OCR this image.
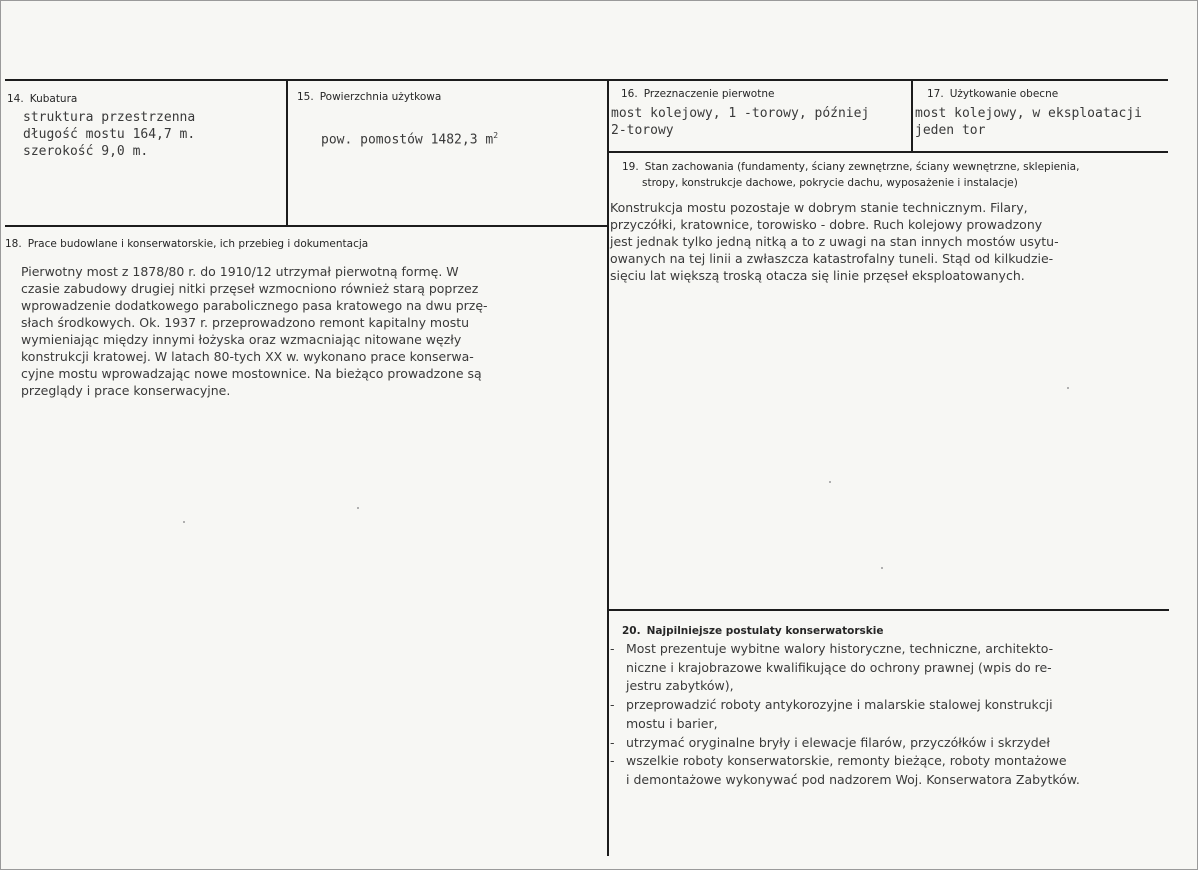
14. Kubatura
struktura przestrzenna
długość mostu 164,7 m.
szerokość 9,0 m.
15. Powierzchnia użytkowa
pow. pomostów 1482,3 $m^2$
16. Przeznaczenie pierwotne
most kolejowy, 1 -torowy, później
2-torowy
17. Użytkowanie obecne
most kolejowy, w eksploatacji
jeden tor
18. Prace budowlane i konserwatorskie, ich przebieg i dokumentacja
Pierwotny most z 1878/80 r. do 1910/12 utrzymał pierwotną formę. W
czasie zabudowy drugiej nitki przęseł wzmocniono również starą poprzez
wprowadzenie dodatkowego parabolicznego pasa kratowego na dwu przę-
słach środkowych. Ok. 1937 r. przeprowadzono remont kapitalny mostu
wymieniając między innymi łożyska oraz wzmacniając nitowane węzły
konstrukcji kratowej. W latach 80-tych XX w. wykonano prace konserwa-
cyjne mostu wprowadzając nowe mostownice. Na bieżąco prowadzone są
przeglądy i prace konserwacyjne.
19. Stan zachowania (fundamenty, ściany zewnętrzne, ściany wewnętrzne, sklepienia,
stropy, konstrukcje dachowe, pokrycie dachu, wyposażenie i instalacje)
Konstrukcja mostu pozostaje w dobrym stanie technicznym. Filary,
przyczółki, kratownice, torowisko - dobre. Ruch kolejowy prowadzony
jest jednak tylko jedną nitką a to z uwagi na stan innych mostów usytu-
owanych na tej linii a zwłaszcza katastrofalny tuneli. Stąd od kilkudzie-
sięciu lat większą troską otacza się linie przęseł eksploatowanych.
20. Najpilniejsze postulaty konserwatorskie
- Most prezentuje wybitne walory historyczne, techniczne, architekto-
niczne i krajobrazowe kwalifikujące do ochrony prawnej (wpis do re-
jestru zabytków),
- przeprowadzić roboty antykorozyjne i malarskie stalowej konstrukcji
mostu i barier,
- utrzymać oryginalne bryły i elewacje filarów, przyczółków i skrzydeł
- wszelkie roboty konserwatorskie, remonty bieżące, roboty montażowe
i demontażowe wykonywać pod nadzorem Woj. Konserwatora Zabytków.
